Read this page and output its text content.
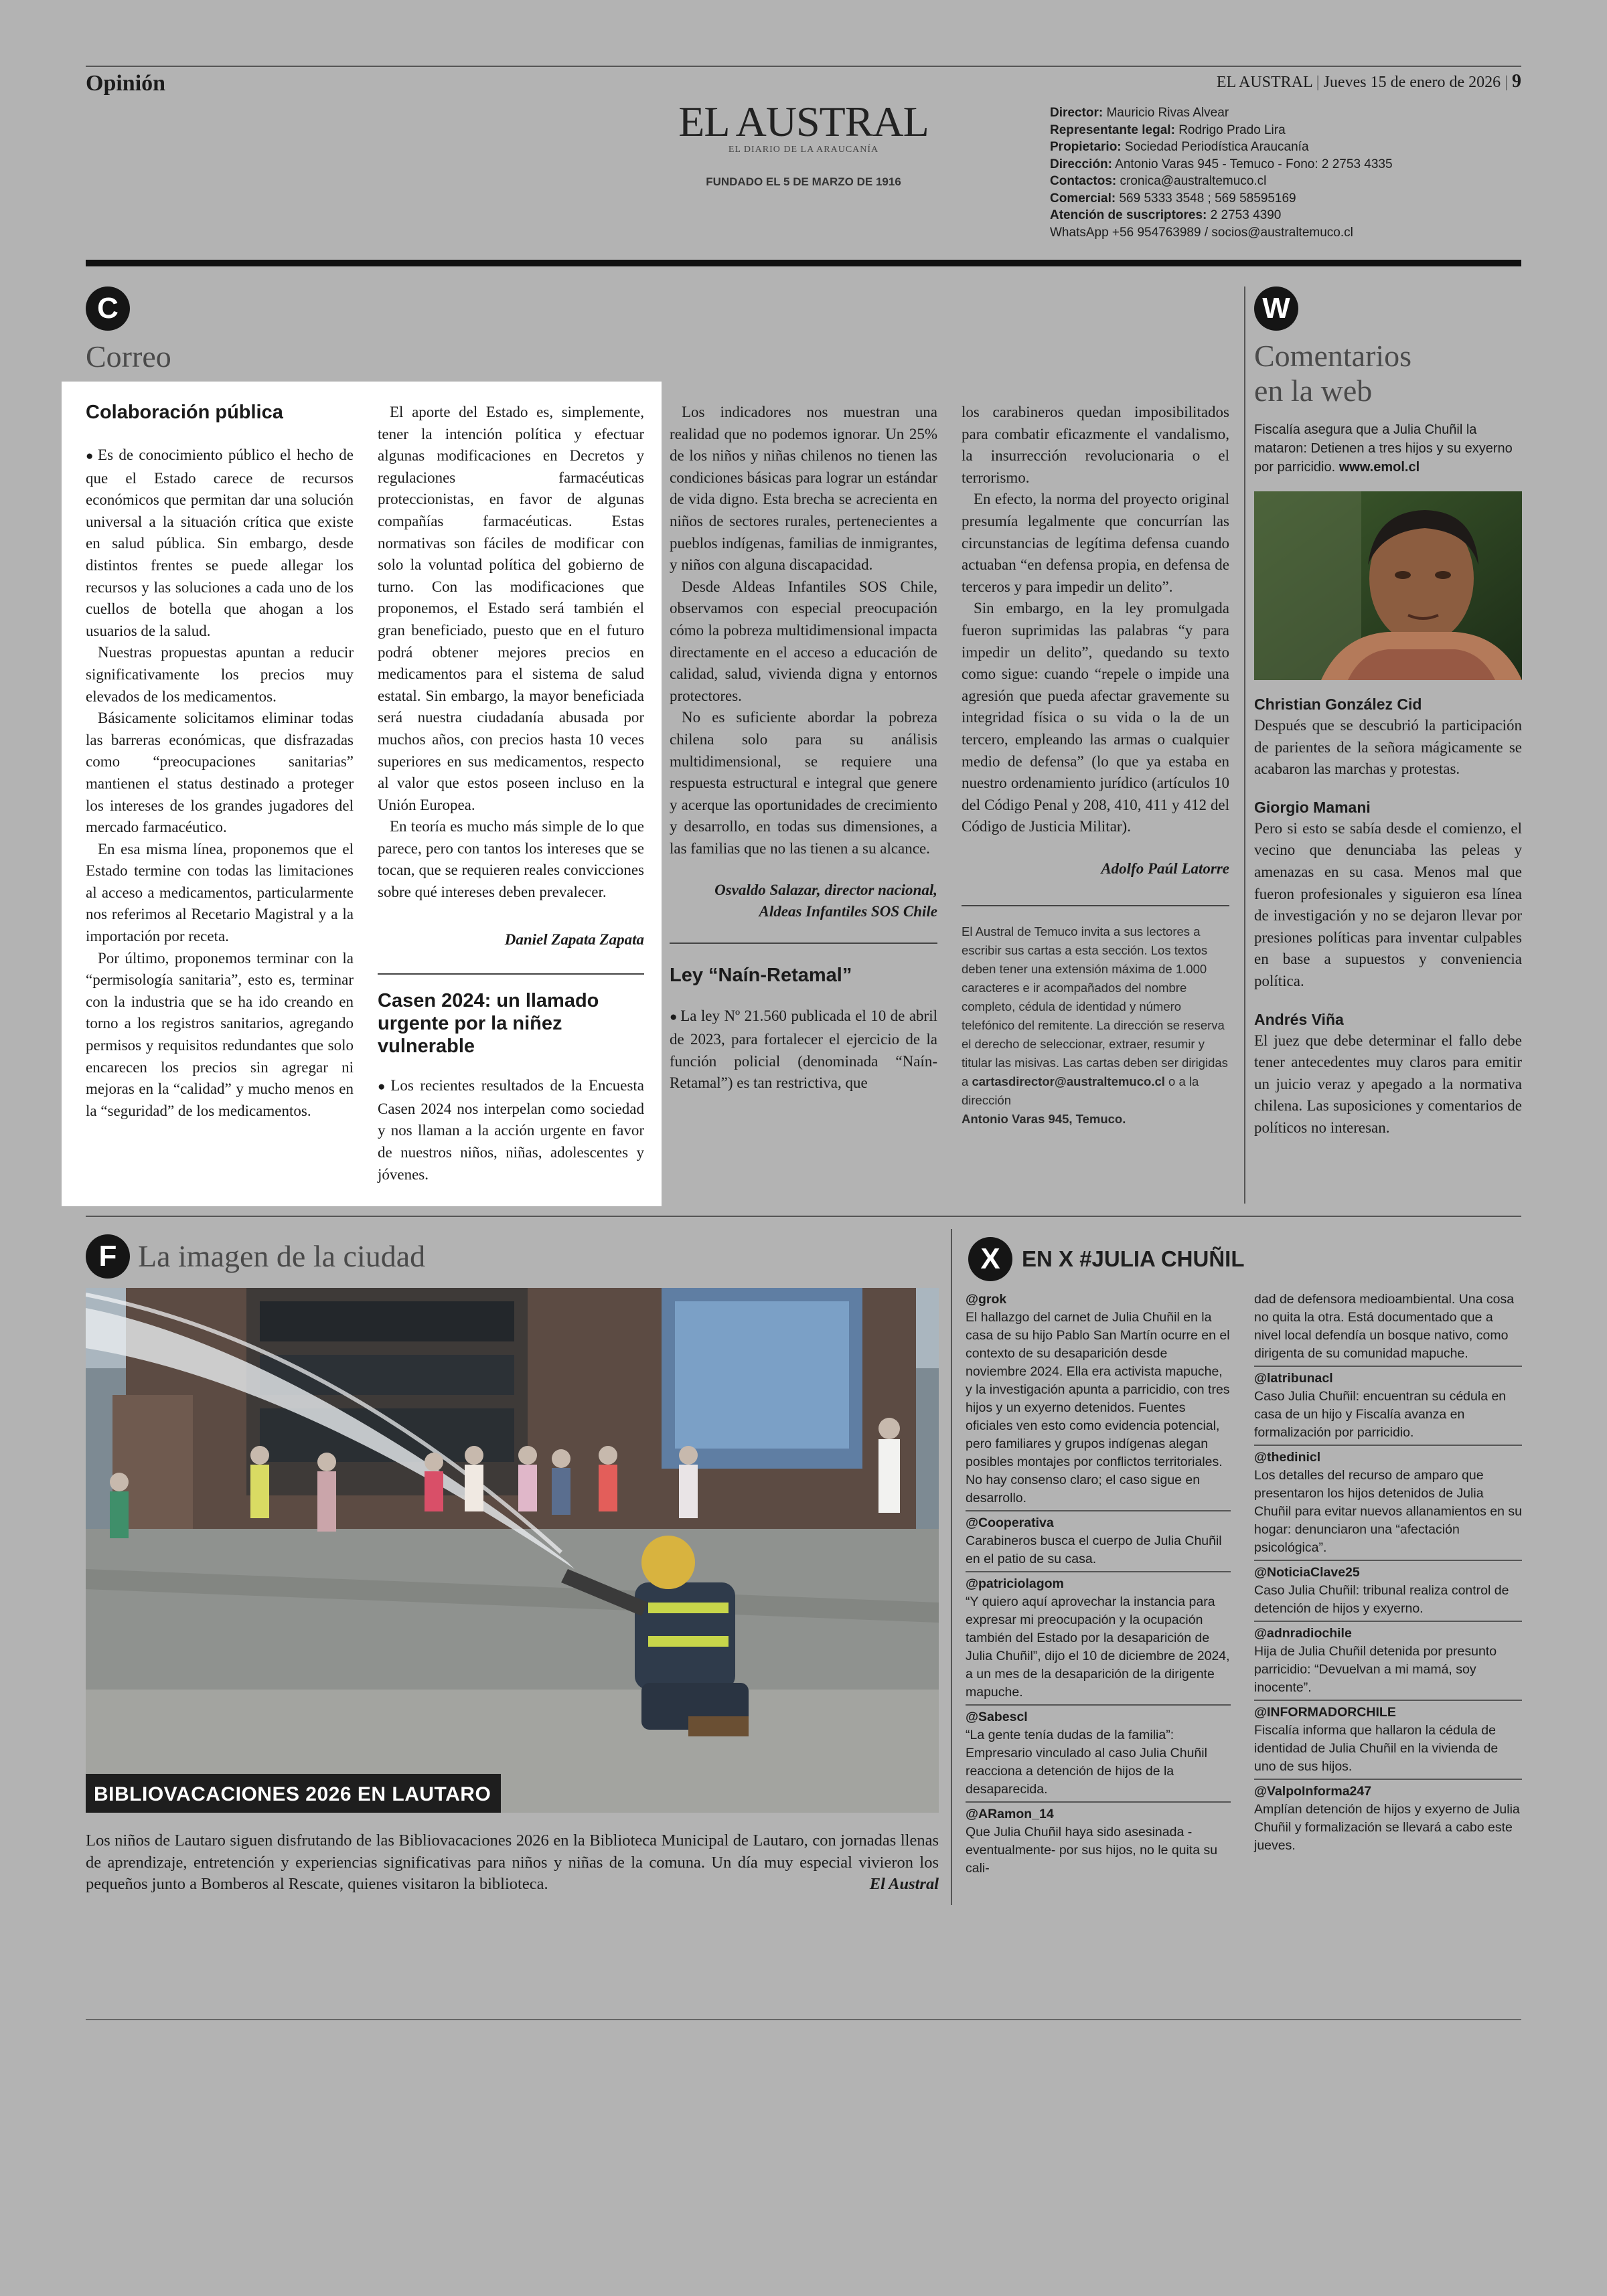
Opinión	EL AUSTRAL | Jueves 15 de enero de 2026 | 9
EL AUSTRAL
EL DIARIO DE LA ARAUCANÍA
FUNDADO EL 5 DE MARZO DE 1916
Director: Mauricio Rivas Alvear
Representante legal: Rodrigo Prado Lira
Propietario: Sociedad Periodística Araucanía
Dirección: Antonio Varas 945 - Temuco - Fono: 2 2753 4335
Contactos: cronica@australtemuco.cl
Comercial: 569 5333 3548 ; 569 58595169
Atención de suscriptores: 2 2753 4390
WhatsApp +56 954763989 / socios@australtemuco.cl
C
Correo
Colaboración pública

● Es de conocimiento público el hecho de que el Estado carece de recursos económicos que permitan dar una solución universal a la situación crítica que existe en salud pública. Sin embargo, desde distintos frentes se puede allegar los recursos y las soluciones a cada uno de los cuellos de botella que ahogan a los usuarios de la salud.

Nuestras propuestas apuntan a reducir significativamente los precios muy elevados de los medicamentos.

Básicamente solicitamos eliminar todas las barreras económicas, que disfrazadas como “preocupaciones sanitarias” mantienen el status destinado a proteger los intereses de los grandes jugadores del mercado farmacéutico.

En esa misma línea, proponemos que el Estado termine con todas las limitaciones al acceso a medicamentos, particularmente nos referimos al Recetario Magistral y a la importación por receta.

Por último, proponemos terminar con la “permisología sanitaria”, esto es, terminar con la industria que se ha ido creando en torno a los registros sanitarios, agregando permisos y requisitos redundantes que solo encarecen los precios sin agregar ni mejoras en la “calidad” y mucho menos en la “seguridad” de los medicamentos.

El aporte del Estado es, simplemente, tener la intención política y efectuar algunas modificaciones en Decretos y regulaciones farmacéuticas proteccionistas, en favor de algunas compañías farmacéuticas. Estas normativas son fáciles de modificar con solo la voluntad política del gobierno de turno. Con las modificaciones que proponemos, el Estado será también el gran beneficiado, puesto que en el futuro podrá obtener mejores precios en medicamentos para el sistema de salud estatal. Sin embargo, la mayor beneficiada será nuestra ciudadanía abusada por muchos años, con precios hasta 10 veces superiores en sus medicamentos, respecto al valor que estos poseen incluso en la Unión Europea.

En teoría es mucho más simple de lo que parece, pero con tantos los intereses que se tocan, que se requieren reales convicciones sobre qué intereses deben prevalecer.

Daniel Zapata Zapata
Casen 2024: un llamado urgente por la niñez vulnerable

● Los recientes resultados de la Encuesta Casen 2024 nos interpelan como sociedad y nos llaman a la acción urgente en favor de nuestros niños, niñas, adolescentes y jóvenes.

Los indicadores nos muestran una realidad que no podemos ignorar. Un 25% de los niños y niñas chilenos no tienen las condiciones básicas para lograr un estándar de vida digno. Esta brecha se acrecienta en niños de sectores rurales, pertenecientes a pueblos indígenas, familias de inmigrantes, y niños con alguna discapacidad.

Desde Aldeas Infantiles SOS Chile, observamos con especial preocupación cómo la pobreza multidimensional impacta directamente en el acceso a educación de calidad, salud, vivienda digna y entornos protectores.

No es suficiente abordar la pobreza chilena solo para su análisis multidimensional, se requiere una respuesta estructural e integral que genere y acerque las oportunidades de crecimiento y desarrollo, en todas sus dimensiones, a las familias que no las tienen a su alcance.

Osvaldo Salazar, director nacional,
Aldeas Infantiles SOS Chile
Ley “Naín-Retamal”

● La ley Nº 21.560 publicada el 10 de abril de 2023, para fortalecer el ejercicio de la función policial (denominada “Naín-Retamal”) es tan restrictiva, que

los carabineros quedan imposibilitados para combatir eficazmente el vandalismo, la insurrección revolucionaria o el terrorismo.

En efecto, la norma del proyecto original presumía legalmente que concurrían las circunstancias de legítima defensa cuando actuaban “en defensa propia, en defensa de terceros y para impedir un delito”.

Sin embargo, en la ley promulgada fueron suprimidas las palabras “y para impedir un delito”, quedando su texto como sigue: cuando “repele o impide una agresión que pueda afectar gravemente su integridad física o su vida o la de un tercero, empleando las armas o cualquier medio de defensa” (lo que ya estaba en nuestro ordenamiento jurídico (artículos 10 del Código Penal y 208, 410, 411 y 412 del Código de Justicia Militar).

Adolfo Paúl Latorre
El Austral de Temuco invita a sus lectores a escribir sus cartas a esta sección. Los textos deben tener una extensión máxima de 1.000 caracteres e ir acompañados del nombre completo, cédula de identidad y número telefónico del remitente. La dirección se reserva el derecho de seleccionar, extraer, resumir y titular las misivas. Las cartas deben ser dirigidas a cartasdirector@australtemuco.cl o a la dirección
Antonio Varas 945, Temuco.
W
Comentarios
en la web
Fiscalía asegura que a Julia Chuñil la mataron: Detienen a tres hijos y su exyerno por parricidio. www.emol.cl
Christian González Cid
Después que se descubrió la participación de parientes de la señora mágicamente se acabaron las marchas y protestas.
Giorgio Mamani
Pero si esto se sabía desde el comienzo, el vecino que denunciaba las peleas y amenazas en su casa. Menos mal que fueron profesionales y siguieron esa línea de investigación y no se dejaron llevar por presiones políticas para inventar culpables en base a supuestos y conveniencia política.
Andrés Viña
El juez que debe determinar el fallo debe tener antecedentes muy claros para emitir un juicio veraz y apegado a la normativa chilena. Las suposiciones y comentarios de políticos no interesan.
F La imagen de la ciudad
BIBLIOVACACIONES 2026 EN LAUTARO
Los niños de Lautaro siguen disfrutando de las Bibliovacaciones 2026 en la Biblioteca Municipal de Lautaro, con jornadas llenas de aprendizaje, entretención y experiencias significativas para niños y niñas de la comuna. Un día muy especial vivieron los pequeños junto a Bomberos al Rescate, quienes visitaron la biblioteca.	El Austral
X EN X #JULIA CHUÑIL
@grok
El hallazgo del carnet de Julia Chuñil en la casa de su hijo Pablo San Martín ocurre en el contexto de su desaparición desde noviembre 2024. Ella era activista mapuche, y la investigación apunta a parricidio, con tres hijos y un exyerno detenidos. Fuentes oficiales ven esto como evidencia potencial, pero familiares y grupos indígenas alegan posibles montajes por conflictos territoriales. No hay consenso claro; el caso sigue en desarrollo.
@Cooperativa
Carabineros busca el cuerpo de Julia Chuñil en el patio de su casa.
@patriciolagom
“Y quiero aquí aprovechar la instancia para expresar mi preocupación y la ocupación también del Estado por la desaparición de Julia Chuñil”, dijo el 10 de diciembre de 2024, a un mes de la desaparición de la dirigente mapuche.
@Sabescl
“La gente tenía dudas de la familia”: Empresario vinculado al caso Julia Chuñil reacciona a detención de hijos de la desaparecida.
@ARamon_14
Que Julia Chuñil haya sido asesinada -eventualmente- por sus hijos, no le quita su cali-
dad de defensora medioambiental. Una cosa no quita la otra. Está documentado que a nivel local defendía un bosque nativo, como dirigenta de su comunidad mapuche.
@latribunacl
Caso Julia Chuñil: encuentran su cédula en casa de un hijo y Fiscalía avanza en formalización por parricidio.
@thedinicl
Los detalles del recurso de amparo que presentaron los hijos detenidos de Julia Chuñil para evitar nuevos allanamientos en su hogar: denunciaron una “afectación psicológica”.
@NoticiaClave25
Caso Julia Chuñil: tribunal realiza control de detención de hijos y exyerno.
@adnradiochile
Hija de Julia Chuñil detenida por presunto parricidio: “Devuelvan a mi mamá, soy inocente”.
@INFORMADORCHILE
Fiscalía informa que hallaron la cédula de identidad de Julia Chuñil en la vivienda de uno de sus hijos.
@ValpoInforma247
Amplían detención de hijos y exyerno de Julia Chuñil y formalización se llevará a cabo este jueves.
